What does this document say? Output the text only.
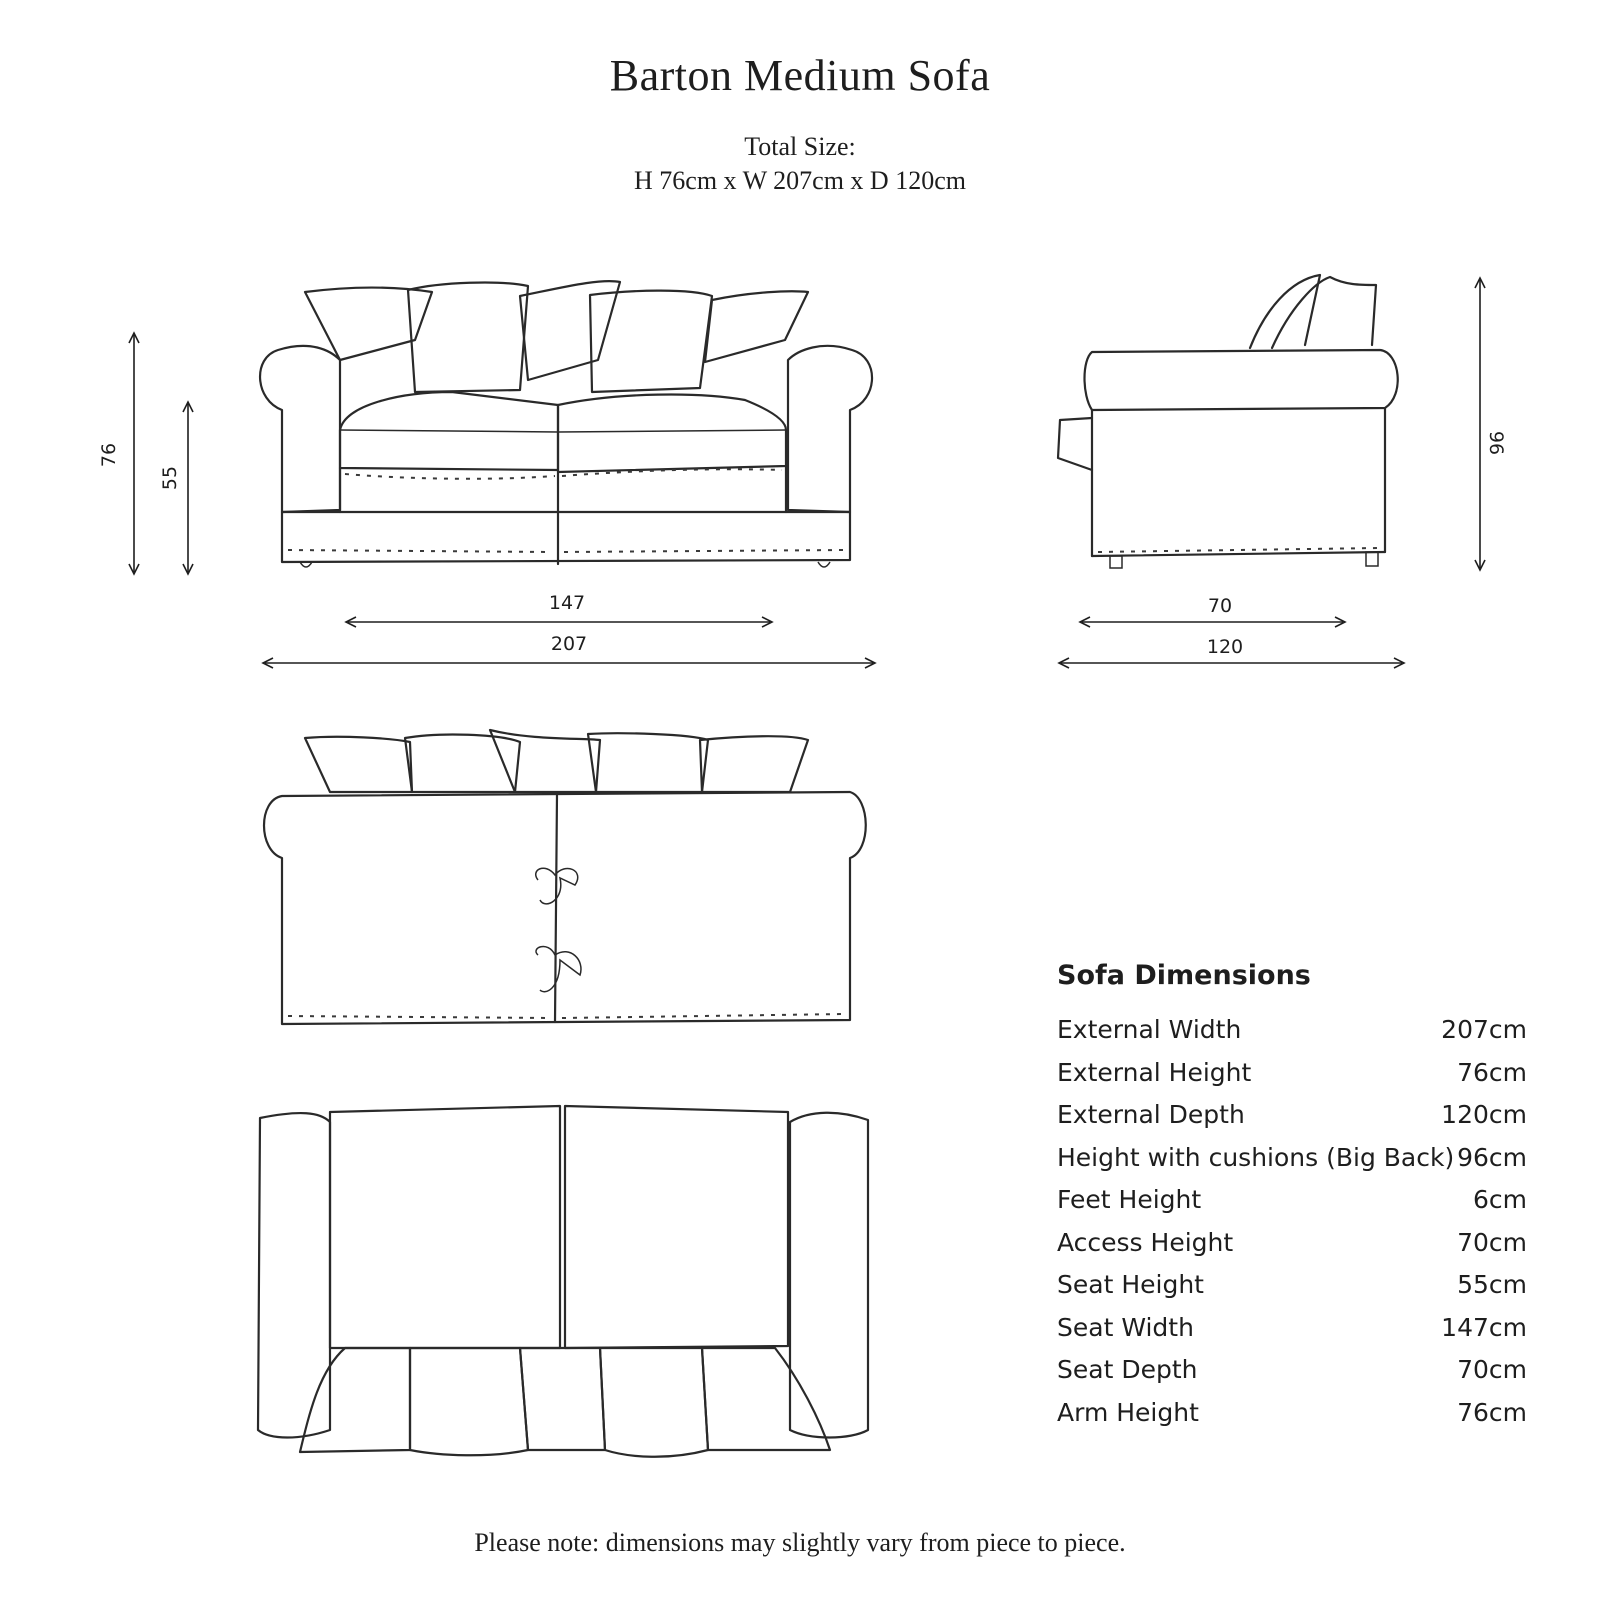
Barton Medium Sofa
Total Size:
H 76cm x W 207cm x D 120cm
76
55
147
207
96
70
120
Sofa Dimensions
External Width	207cm
External Height	76cm
External Depth	120cm
Height with cushions (Big Back) 96cm
Feet Height	6cm
Access Height	70cm
Seat Height	55cm
Seat Width	147cm
Seat Depth	70cm
Arm Height	76cm
Please note: dimensions may slightly vary from piece to piece.
